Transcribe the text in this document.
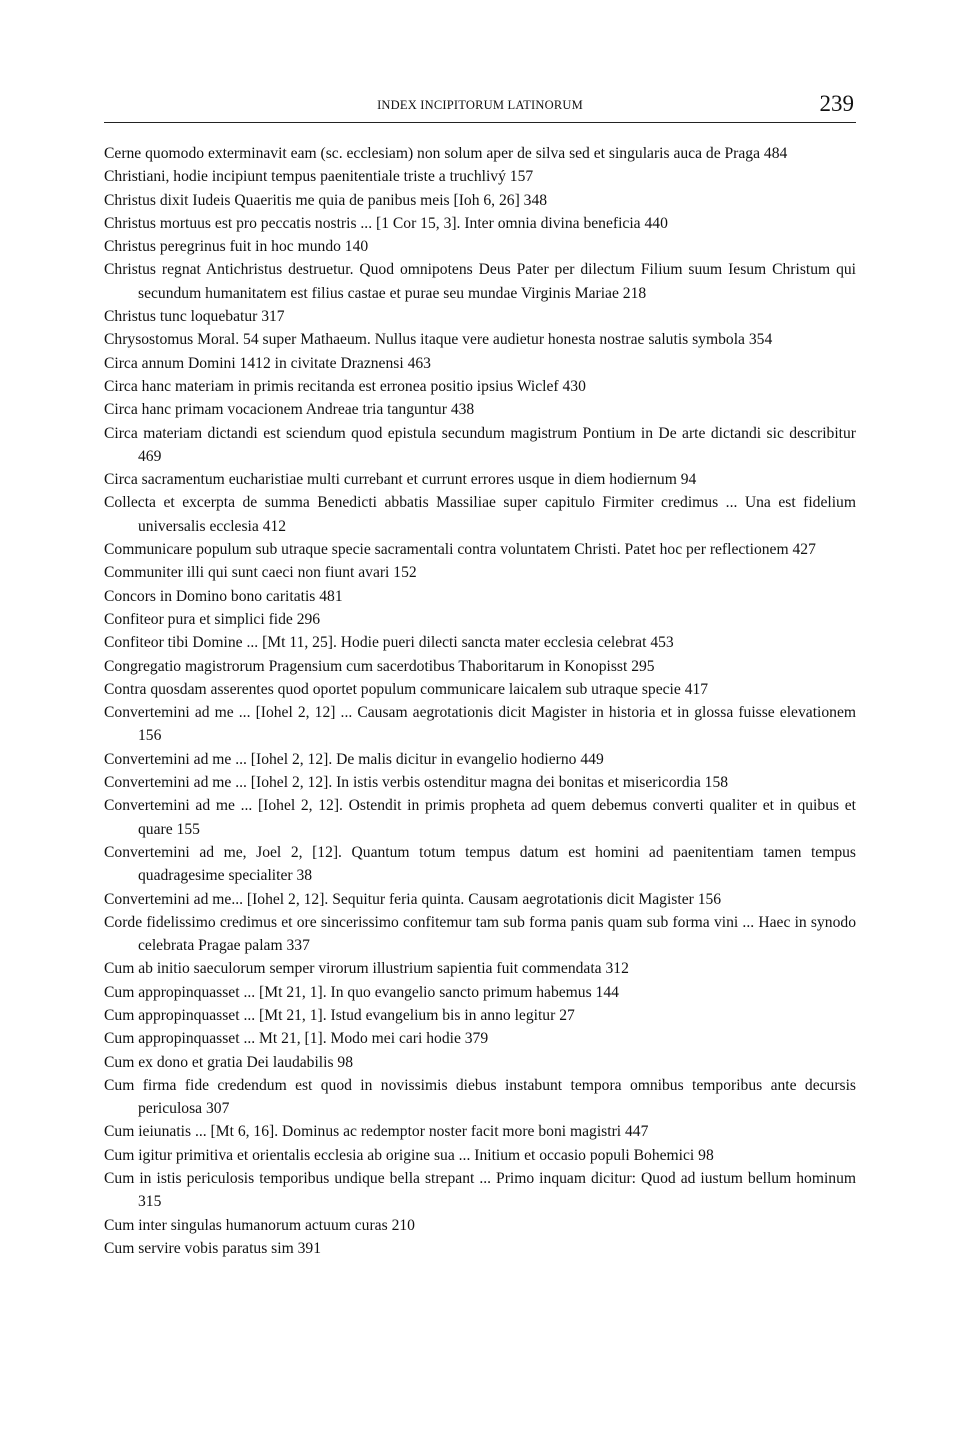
INDEX INCIPITORUM LATINORUM	239

Cerne quomodo exterminavit eam (sc. ecclesiam) non solum aper de silva sed et singularis auca de Praga 484

Christiani, hodie incipiunt tempus paenitentiale triste a truchlivý 157

Christus dixit Iudeis Quaeritis me quia de panibus meis [Ioh 6, 26] 348

Christus mortuus est pro peccatis nostris ... [1 Cor 15, 3]. Inter omnia divina beneficia 440

Christus peregrinus fuit in hoc mundo 140

Christus regnat Antichristus destruetur. Quod omnipotens Deus Pater per dilectum Filium suum Iesum Christum qui secundum humanitatem est filius castae et purae seu mundae Virginis Mariae 218

Christus tunc loquebatur 317

Chrysostomus Moral. 54 super Mathaeum. Nullus itaque vere audietur honesta nostrae salutis symbola 354

Circa annum Domini 1412 in civitate Draznensi 463

Circa hanc materiam in primis recitanda est erronea positio ipsius Wiclef 430

Circa hanc primam vocacionem Andreae tria tanguntur 438

Circa materiam dictandi est sciendum quod epistula secundum magistrum Pontium in De arte dictandi sic describitur 469

Circa sacramentum eucharistiae multi currebant et currunt errores usque in diem hodiernum 94

Collecta et excerpta de summa Benedicti abbatis Massiliae super capitulo Firmiter credimus ... Una est fidelium universalis ecclesia 412

Communicare populum sub utraque specie sacramentali contra voluntatem Christi. Patet hoc per reflectionem 427

Communiter illi qui sunt caeci non fiunt avari 152

Concors in Domino bono caritatis 481

Confiteor pura et simplici fide 296

Confiteor tibi Domine ... [Mt 11, 25]. Hodie pueri dilecti sancta mater ecclesia celebrat 453

Congregatio magistrorum Pragensium cum sacerdotibus Thaboritarum in Konopisst 295

Contra quosdam asserentes quod oportet populum communicare laicalem sub utraque specie 417

Convertemini ad me ... [Iohel 2, 12] ... Causam aegrotationis dicit Magister in historia et in glossa fuisse elevationem 156

Convertemini ad me ... [Iohel 2, 12]. De malis dicitur in evangelio hodierno 449

Convertemini ad me ... [Iohel 2, 12]. In istis verbis ostenditur magna dei bonitas et misericordia 158

Convertemini ad me ... [Iohel 2, 12]. Ostendit in primis propheta ad quem debemus converti qualiter et in quibus et quare 155

Convertemini ad me, Joel 2, [12]. Quantum totum tempus datum est homini ad paenitentiam tamen tempus quadragesime specialiter 38

Convertemini ad me... [Iohel 2, 12]. Sequitur feria quinta. Causam aegrotationis dicit Magister 156

Corde fidelissimo credimus et ore sincerissimo confitemur tam sub forma panis quam sub forma vini ... Haec in synodo celebrata Pragae palam 337

Cum ab initio saeculorum semper virorum illustrium sapientia fuit commendata 312

Cum appropinquasset ... [Mt 21, 1]. In quo evangelio sancto primum habemus 144

Cum appropinquasset ... [Mt 21, 1]. Istud evangelium bis in anno legitur 27

Cum appropinquasset ... Mt 21, [1]. Modo mei cari hodie 379

Cum ex dono et gratia Dei laudabilis 98

Cum firma fide credendum est quod in novissimis diebus instabunt tempora omnibus temporibus ante decursis periculosa 307

Cum ieiunatis ... [Mt 6, 16]. Dominus ac redemptor noster facit more boni magistri 447

Cum igitur primitiva et orientalis ecclesia ab origine sua ... Initium et occasio populi Bohemici 98

Cum in istis periculosis temporibus undique bella strepant ... Primo inquam dicitur: Quod ad iustum bellum hominum 315

Cum inter singulas humanorum actuum curas 210

Cum servire vobis paratus sim 391
